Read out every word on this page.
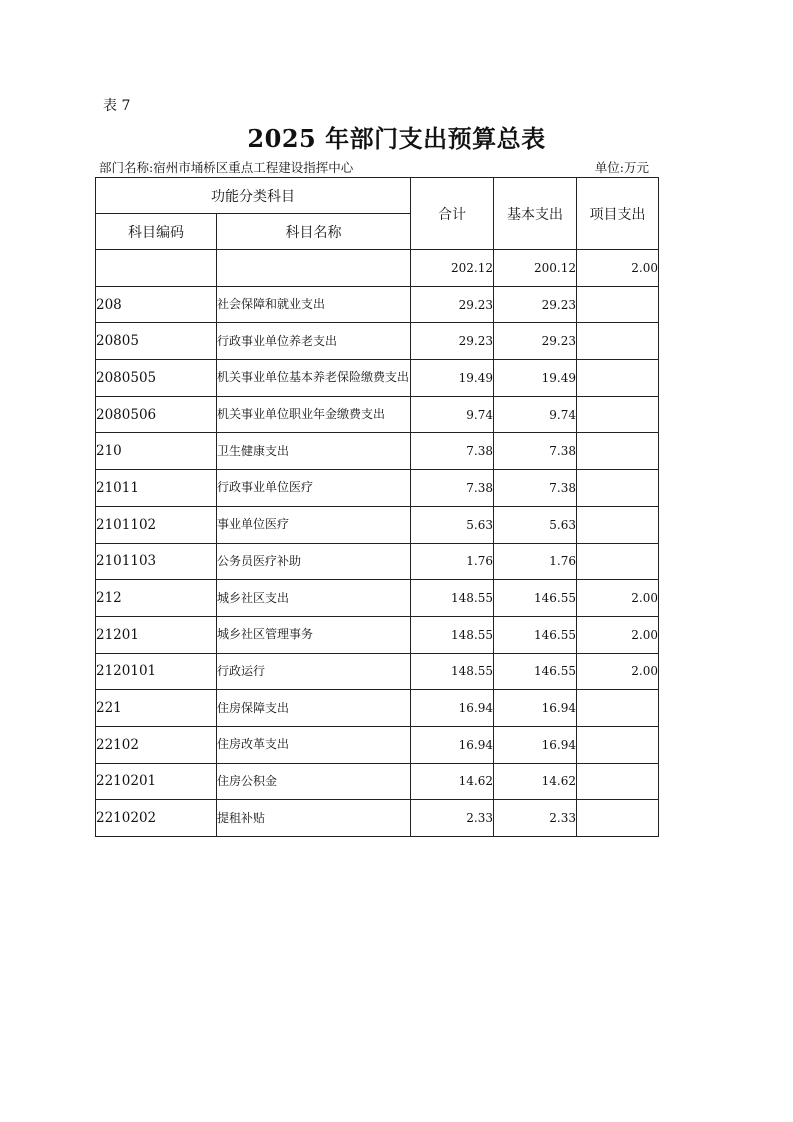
表 7
2025 年部门支出预算总表
部门名称:宿州市埇桥区重点工程建设指挥中心	单位:万元
功能分类科目		合计	基本支出	项目支出
科目编码	科目名称			
		202.12	200.12	2.00
208	社会保障和就业支出	29.23	29.23	
20805	行政事业单位养老支出	29.23	29.23	
2080505	机关事业单位基本养老保险缴费支出	19.49	19.49	
2080506	机关事业单位职业年金缴费支出	9.74	9.74	
210	卫生健康支出	7.38	7.38	
21011	行政事业单位医疗	7.38	7.38	
2101102	事业单位医疗	5.63	5.63	
2101103	公务员医疗补助	1.76	1.76	
212	城乡社区支出	148.55	146.55	2.00
21201	城乡社区管理事务	148.55	146.55	2.00
2120101	行政运行	148.55	146.55	2.00
221	住房保障支出	16.94	16.94	
22102	住房改革支出	16.94	16.94	
2210201	住房公积金	14.62	14.62	
2210202	提租补贴	2.33	2.33	
